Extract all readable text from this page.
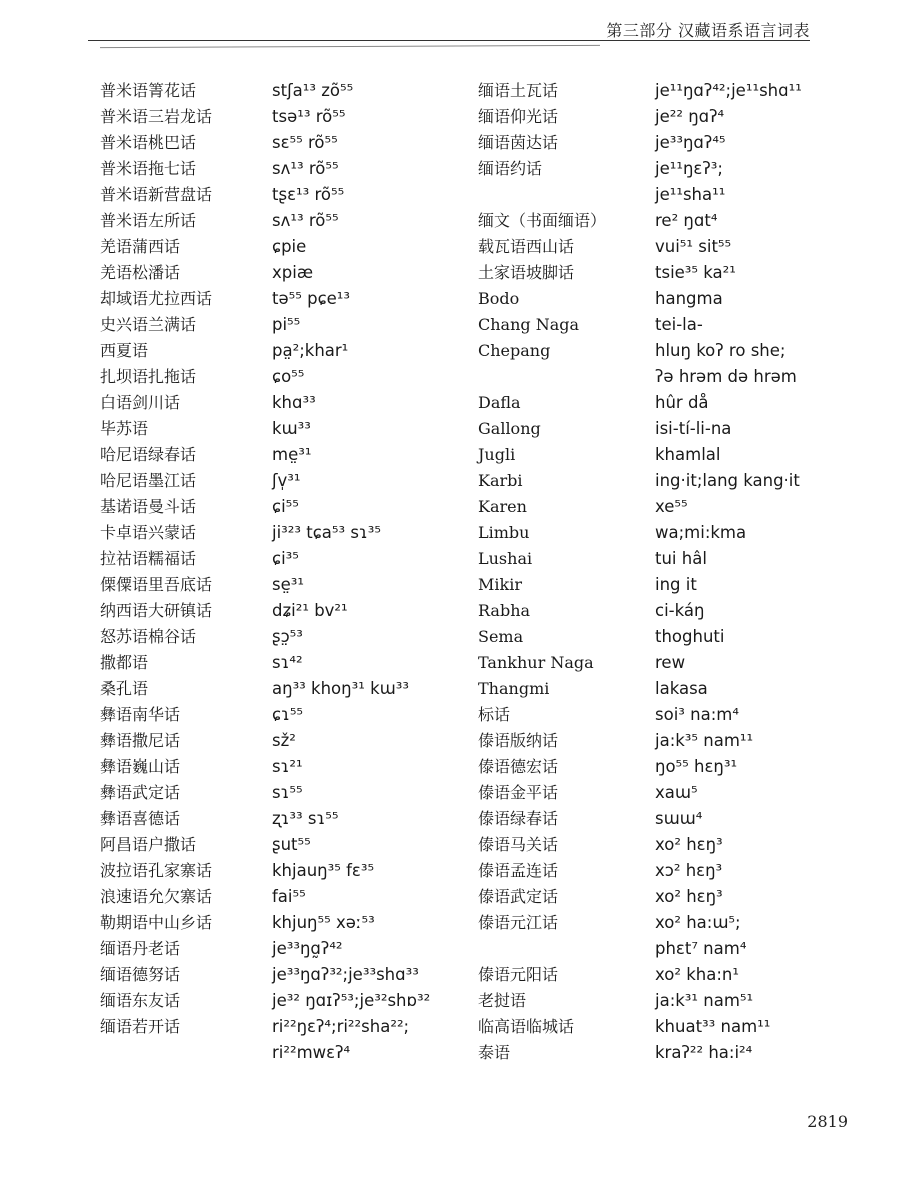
第三部分 汉藏语系语言词表
普米语箐花话
普米语三岩龙话
普米语桃巴话
普米语拖七话
普米语新营盘话
普米语左所话
羌语蒲西话
羌语松潘话
却域语尤拉西话
史兴语兰满话
西夏语
扎坝语扎拖话
白语剑川话
毕苏语
哈尼语绿春话
哈尼语墨江话
基诺语曼斗话
卡卓语兴蒙话
拉祜语糯福话
傈僳语里吾底话
纳西语大研镇话
怒苏语棉谷话
撒都语
桑孔语
彝语南华话
彝语撒尼话
彝语巍山话
彝语武定话
彝语喜德话
阿昌语户撒话
波拉语孔家寨话
浪速语允欠寨话
勒期语中山乡话
缅语丹老话
缅语德努话
缅语东友话
缅语若开话
stʃa¹³ zõ⁵⁵
tsə¹³ rõ⁵⁵
sɛ⁵⁵ rõ⁵⁵
sʌ¹³ rõ⁵⁵
tʂɛ¹³ rõ⁵⁵
sʌ¹³ rõ⁵⁵
ɕpie
xpiæ
tə⁵⁵ pɕe¹³
pi⁵⁵
pa̤²;khar¹
ɕo⁵⁵
khɑ³³
kɯ³³
me̤³¹
ʃv̩³¹
ɕi⁵⁵
ji³²³ tɕa⁵³ sɿ³⁵
ɕi³⁵
se̤³¹
dʑi²¹ bv²¹
ʂɔ̤⁵³
sɿ⁴²
aŋ³³ khoŋ³¹ kɯ³³
ɕɿ⁵⁵
sž²
sɿ²¹
sɿ⁵⁵
ʐɿ³³ sɿ⁵⁵
ʂut⁵⁵
khjauŋ³⁵ fɛ³⁵
fai⁵⁵
khjuŋ⁵⁵ xəː⁵³
je³³ŋɑ̰ʔ⁴²
je³³ŋɑʔ³²;je³³shɑ³³
je³² ŋɑɪʔ⁵³;je³²shɒ³²
ri²²ŋɛʔ⁴;ri²²sha²²;
ri²²mwɛʔ⁴
缅语土瓦话
缅语仰光话
缅语茵达话
缅语约话
缅文（书面缅语）
载瓦语西山话
土家语坡脚话
Bodo
Chang Naga
Chepang
Dafla
Gallong
Jugli
Karbi
Karen
Limbu
Lushai
Mikir
Rabha
Sema
Tankhur Naga
Thangmi
标话
傣语版纳话
傣语德宏话
傣语金平话
傣语绿春话
傣语马关话
傣语孟连话
傣语武定话
傣语元江话
傣语元阳话
老挝语
临高语临城话
泰语
je¹¹ŋɑʔ⁴²;je¹¹shɑ¹¹
je²² ŋɑʔ⁴
je³³ŋɑʔ⁴⁵
je¹¹ŋɛʔ³;
je¹¹sha¹¹
re² ŋɑt⁴
vui⁵¹ sit⁵⁵
tsie³⁵ ka²¹
hangma
tei-la-
hluŋ koʔ ro she;
ʔə hrəm də hrəm
hûr då
isi-tí-li-na
khamlal
ing·it;lang kang·it
xe⁵⁵
wa;mi:kma
tui hâl
ing it
ci-káŋ
thoghuti
rew
lakasa
soi³ na:m⁴
ja:k³⁵ nam¹¹
ŋo⁵⁵ hɛŋ³¹
xaɯ⁵
sɯɯ⁴
xo² hɛŋ³
xɔ² hɛŋ³
xo² hɛŋ³
xo² ha:ɯ⁵;
phɛt⁷ nam⁴
xo² kha:n¹
ja:k³¹ nam⁵¹
khuat³³ nam¹¹
kraʔ²² ha:i²⁴
2819
